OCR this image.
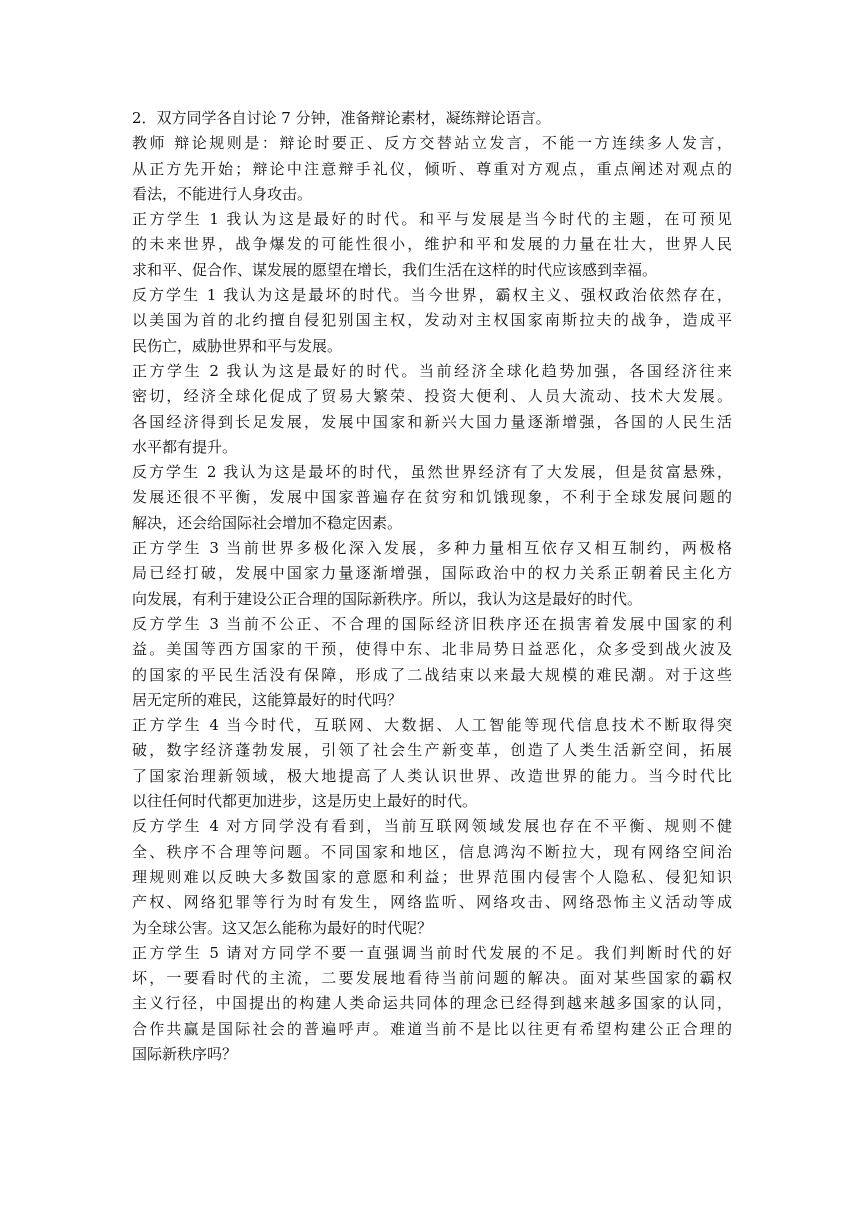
2．双方同学各自讨论 7 分钟，准备辩论素材，凝练辩论语言。
教师 辩论规则是：辩论时要正、反方交替站立发言，不能一方连续多人发言，
从正方先开始；辩论中注意辩手礼仪，倾听、尊重对方观点，重点阐述对观点的
看法，不能进行人身攻击。
正方学生 1 我认为这是最好的时代。和平与发展是当今时代的主题，在可预见
的未来世界，战争爆发的可能性很小，维护和平和发展的力量在壮大，世界人民
求和平、促合作、谋发展的愿望在增长，我们生活在这样的时代应该感到幸福。
反方学生 1 我认为这是最坏的时代。当今世界，霸权主义、强权政治依然存在，
以美国为首的北约擅自侵犯别国主权，发动对主权国家南斯拉夫的战争，造成平
民伤亡，威胁世界和平与发展。
正方学生 2 我认为这是最好的时代。当前经济全球化趋势加强，各国经济往来
密切，经济全球化促成了贸易大繁荣、投资大便利、人员大流动、技术大发展。
各国经济得到长足发展，发展中国家和新兴大国力量逐渐增强，各国的人民生活
水平都有提升。
反方学生 2 我认为这是最坏的时代，虽然世界经济有了大发展，但是贫富悬殊，
发展还很不平衡，发展中国家普遍存在贫穷和饥饿现象，不利于全球发展问题的
解决，还会给国际社会增加不稳定因素。
正方学生 3 当前世界多极化深入发展，多种力量相互依存又相互制约，两极格
局已经打破，发展中国家力量逐渐增强，国际政治中的权力关系正朝着民主化方
向发展，有利于建设公正合理的国际新秩序。所以，我认为这是最好的时代。
反方学生 3 当前不公正、不合理的国际经济旧秩序还在损害着发展中国家的利
益。美国等西方国家的干预，使得中东、北非局势日益恶化，众多受到战火波及
的国家的平民生活没有保障，形成了二战结束以来最大规模的难民潮。对于这些
居无定所的难民，这能算最好的时代吗？
正方学生 4 当今时代，互联网、大数据、人工智能等现代信息技术不断取得突
破，数字经济蓬勃发展，引领了社会生产新变革，创造了人类生活新空间，拓展
了国家治理新领域，极大地提高了人类认识世界、改造世界的能力。当今时代比
以往任何时代都更加进步，这是历史上最好的时代。
反方学生 4 对方同学没有看到，当前互联网领域发展也存在不平衡、规则不健
全、秩序不合理等问题。不同国家和地区，信息鸿沟不断拉大，现有网络空间治
理规则难以反映大多数国家的意愿和利益；世界范围内侵害个人隐私、侵犯知识
产权、网络犯罪等行为时有发生，网络监听、网络攻击、网络恐怖主义活动等成
为全球公害。这又怎么能称为最好的时代呢？
正方学生 5 请对方同学不要一直强调当前时代发展的不足。我们判断时代的好
坏，一要看时代的主流，二要发展地看待当前问题的解决。面对某些国家的霸权
主义行径，中国提出的构建人类命运共同体的理念已经得到越来越多国家的认同，
合作共赢是国际社会的普遍呼声。难道当前不是比以往更有希望构建公正合理的
国际新秩序吗？
